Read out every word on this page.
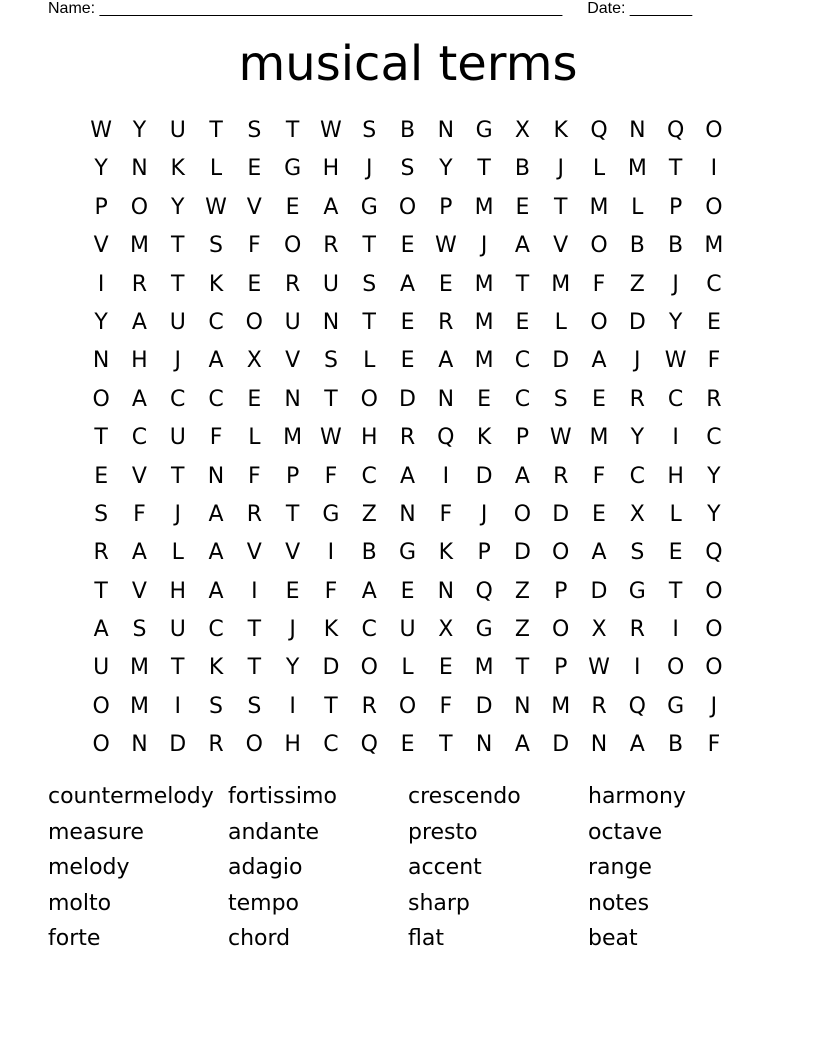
Name: ____________________________________________________ Date: _______
musical terms
W Y	U	T	S	T W S	B	N G	X	K	Q N Q O
Y	N	K	L	E	G H	J	S	Y	T	B	J	L	M	T	I
P	O	Y W V	E	A	G O	P	M E	T	M	L	P	O
V M	T	S	F	O R	T	E W	J	A	V	O	B	B M
I	R	T	K	E	R	U	S	A	E M	T	M	F	Z	J	C
Y	A	U	C O U	N	T	E	R M E	L	O D	Y	E
N H	J	A	X	V	S	L	E	A M C	D	A	J	W F
O	A	C	C	E	N	T	O D N	E	C	S	E	R	C	R
T	C	U	F	L	M W H	R Q	K	P W M	Y	I	C
E	V	T	N	F	P	F	C	A	I	D	A	R	F	C	H	Y
S	F	J	A	R	T	G	Z	N	F	J	O D	E	X	L	Y
R	A	L	A	V	V	I	B	G	K	P	D O	A	S	E	Q
T	V	H	A	I	E	F	A	E	N Q	Z	P	D G	T	O
A	S	U	C	T	J	K	C	U	X	G	Z	O	X	R	I	O
U M	T	K	T	Y	D O	L	E M	T	P W	I	O O
O M	I	S	S	I	T	R O	F	D N M R Q G	J
O N D	R O H	C Q	E	T	N	A	D N	A	B	F
countermelody fortissimo	crescendo	harmony
measure	andante	presto	octave
melody	adagio	accent	range
molto	tempo	sharp	notes
forte	chord	flat	beat
